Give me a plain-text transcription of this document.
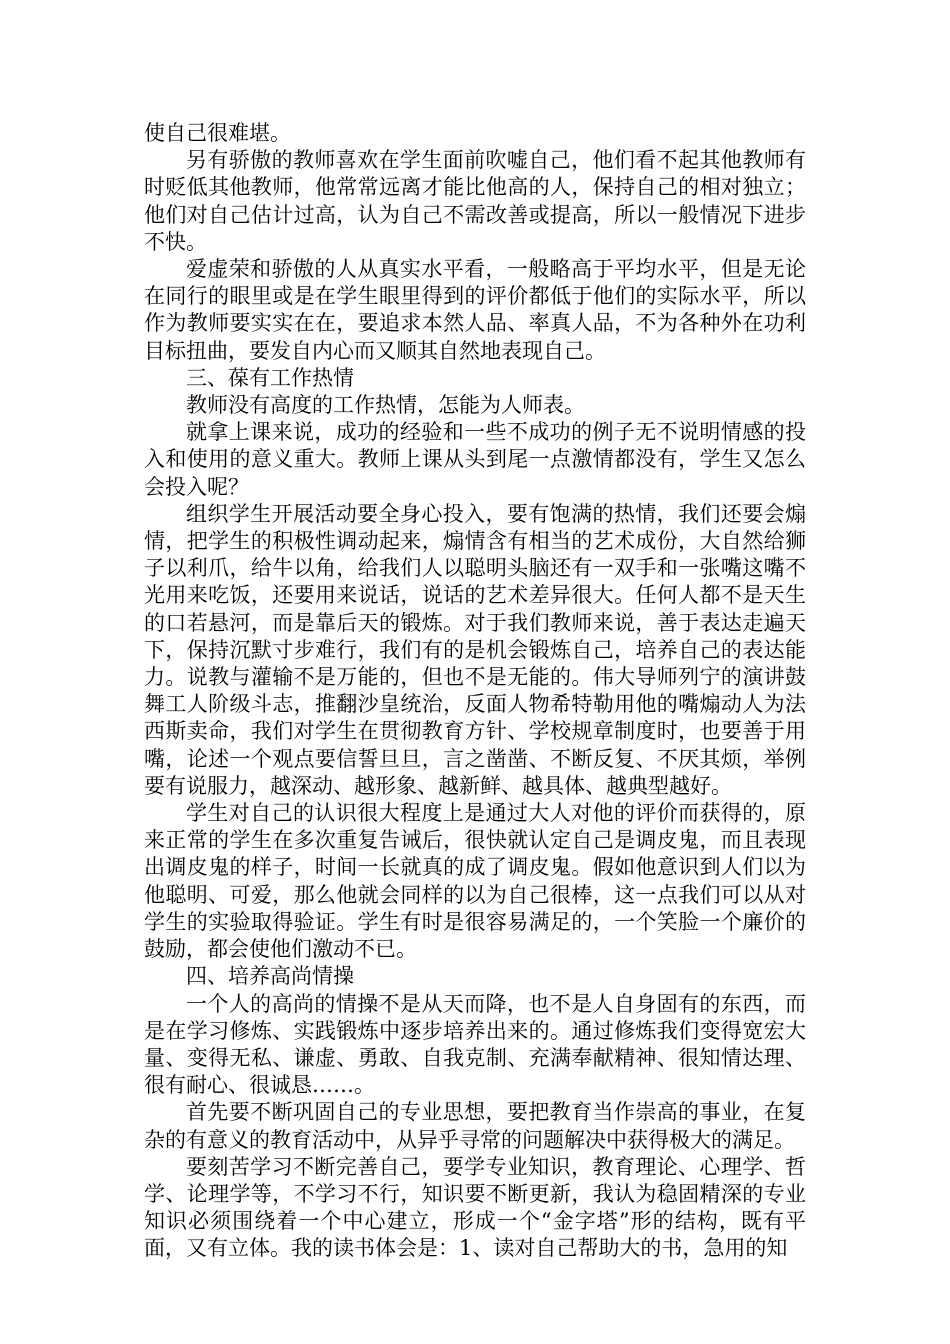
使自己很难堪。

另有骄傲的教师喜欢在学生面前吹嘘自己，他们看不起其他教师有时贬低其他教师，他常常远离才能比他高的人，保持自己的相对独立；他们对自己估计过高，认为自己不需改善或提高，所以一般情况下进步不快。

爱虚荣和骄傲的人从真实水平看，一般略高于平均水平，但是无论在同行的眼里或是在学生眼里得到的评价都低于他们的实际水平，所以作为教师要实实在在，要追求本然人品、率真人品，不为各种外在功利目标扭曲，要发自内心而又顺其自然地表现自己。

三、葆有工作热情

教师没有高度的工作热情，怎能为人师表。

就拿上课来说，成功的经验和一些不成功的例子无不说明情感的投入和使用的意义重大。教师上课从头到尾一点激情都没有，学生又怎么会投入呢？

组织学生开展活动要全身心投入，要有饱满的热情，我们还要会煽情，把学生的积极性调动起来，煽情含有相当的艺术成份，大自然给狮子以利爪，给牛以角，给我们人以聪明头脑还有一双手和一张嘴这嘴不光用来吃饭，还要用来说话，说话的艺术差异很大。任何人都不是天生的口若悬河，而是靠后天的锻炼。对于我们教师来说，善于表达走遍天下，保持沉默寸步难行，我们有的是机会锻炼自己，培养自己的表达能力。说教与灌输不是万能的，但也不是无能的。伟大导师列宁的演讲鼓舞工人阶级斗志，推翻沙皇统治，反面人物希特勒用他的嘴煽动人为法西斯卖命，我们对学生在贯彻教育方针、学校规章制度时，也要善于用嘴，论述一个观点要信誓旦旦，言之凿凿、不断反复、不厌其烦，举例要有说服力，越深动、越形象、越新鲜、越具体、越典型越好。

学生对自己的认识很大程度上是通过大人对他的评价而获得的，原来正常的学生在多次重复告诫后，很快就认定自己是调皮鬼，而且表现出调皮鬼的样子，时间一长就真的成了调皮鬼。假如他意识到人们以为他聪明、可爱，那么他就会同样的以为自己很棒，这一点我们可以从对学生的实验取得验证。学生有时是很容易满足的，一个笑脸一个廉价的鼓励，都会使他们激动不已。

四、培养高尚情操

一个人的高尚的情操不是从天而降，也不是人自身固有的东西，而是在学习修炼、实践锻炼中逐步培养出来的。通过修炼我们变得宽宏大量、变得无私、谦虚、勇敢、自我克制、充满奉献精神、很知情达理、很有耐心、很诚恳……。

首先要不断巩固自己的专业思想，要把教育当作崇高的事业，在复杂的有意义的教育活动中，从异乎寻常的问题解决中获得极大的满足。

要刻苦学习不断完善自己，要学专业知识，教育理论、心理学、哲学、论理学等，不学习不行，知识要不断更新，我认为稳固精深的专业知识必须围绕着一个中心建立，形成一个“金字塔”形的结构，既有平面，又有立体。我的读书体会是：1、读对自己帮助大的书，急用的知
